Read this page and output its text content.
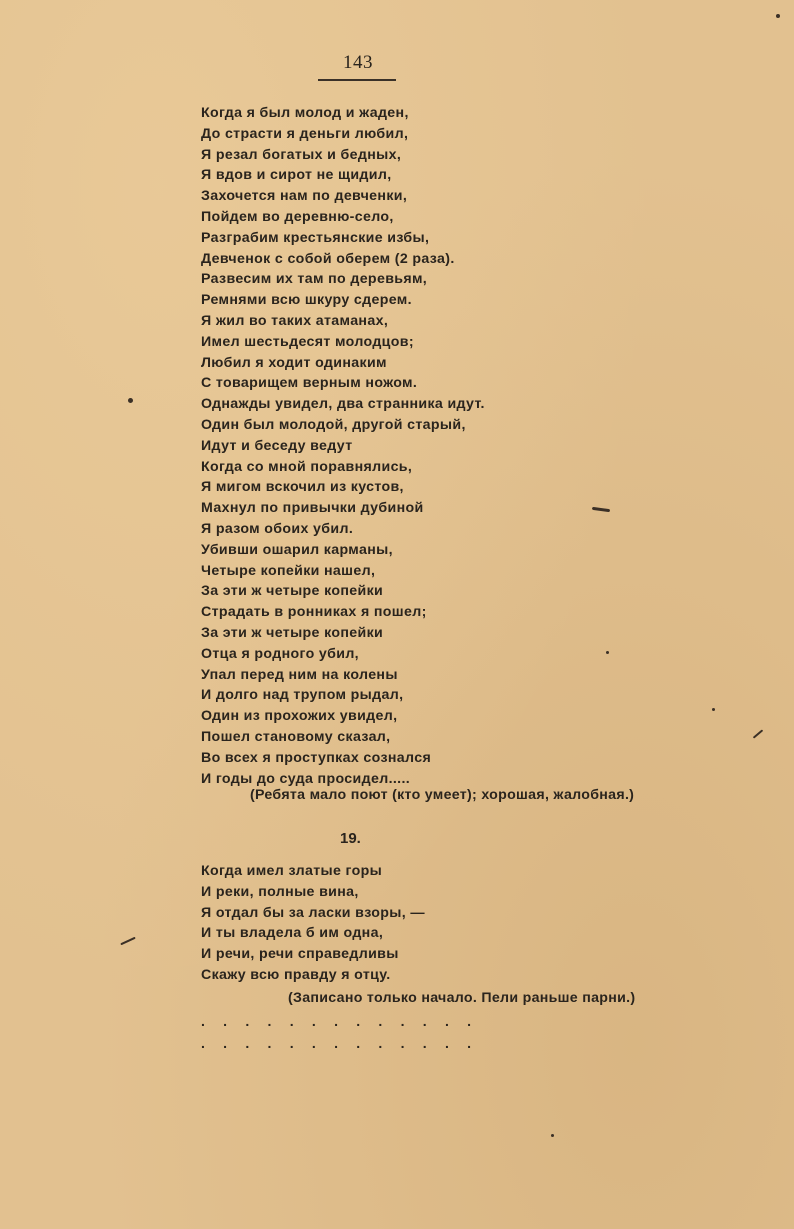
143
Когда я был молод и жаден,
До страсти я деньги любил,
Я резал богатых и бедных,
Я вдов и сирот не щидил,
Захочется нам по девченки,
Пойдем во деревню-село,
Разграбим крестьянские избы,
Девченок с собой оберем (2 раза).
Развесим их там по деревьям,
Ремнями всю шкуру сдерем.
Я жил во таких атаманах,
Имел шестьдесят молодцов;
Любил я ходит одинаким
С товарищем верным ножом.
Однажды увидел, два странника идут.
Один был молодой, другой старый,
Идут и беседу ведут
Когда со мной поравнялись,
Я мигом вскочил из кустов,
Махнул по привычки дубиной
Я разом обоих убил.
Убивши ошарил карманы,
Четыре копейки нашел,
За эти ж четыре копейки
Страдать в ронниках я пошел;
За эти ж четыре копейки
Отца я родного убил,
Упал перед ним на колены
И долго над трупом рыдал,
Один из прохожих увидел,
Пошел становому сказал,
Во всех я проступках сознался
И годы до суда просидел.....
(Ребята мало поют (кто умеет); хорошая, жалобная.)
19.
Когда имел златые горы
И реки, полные вина,
Я отдал бы за ласки взоры, —
И ты владела б им одна,
И речи, речи справедливы
Скажу всю правду я отцу.
(Записано только начало. Пели раньше парни.)
. . . . . . . . . . . . .
. . . . . . . . . . . . .
